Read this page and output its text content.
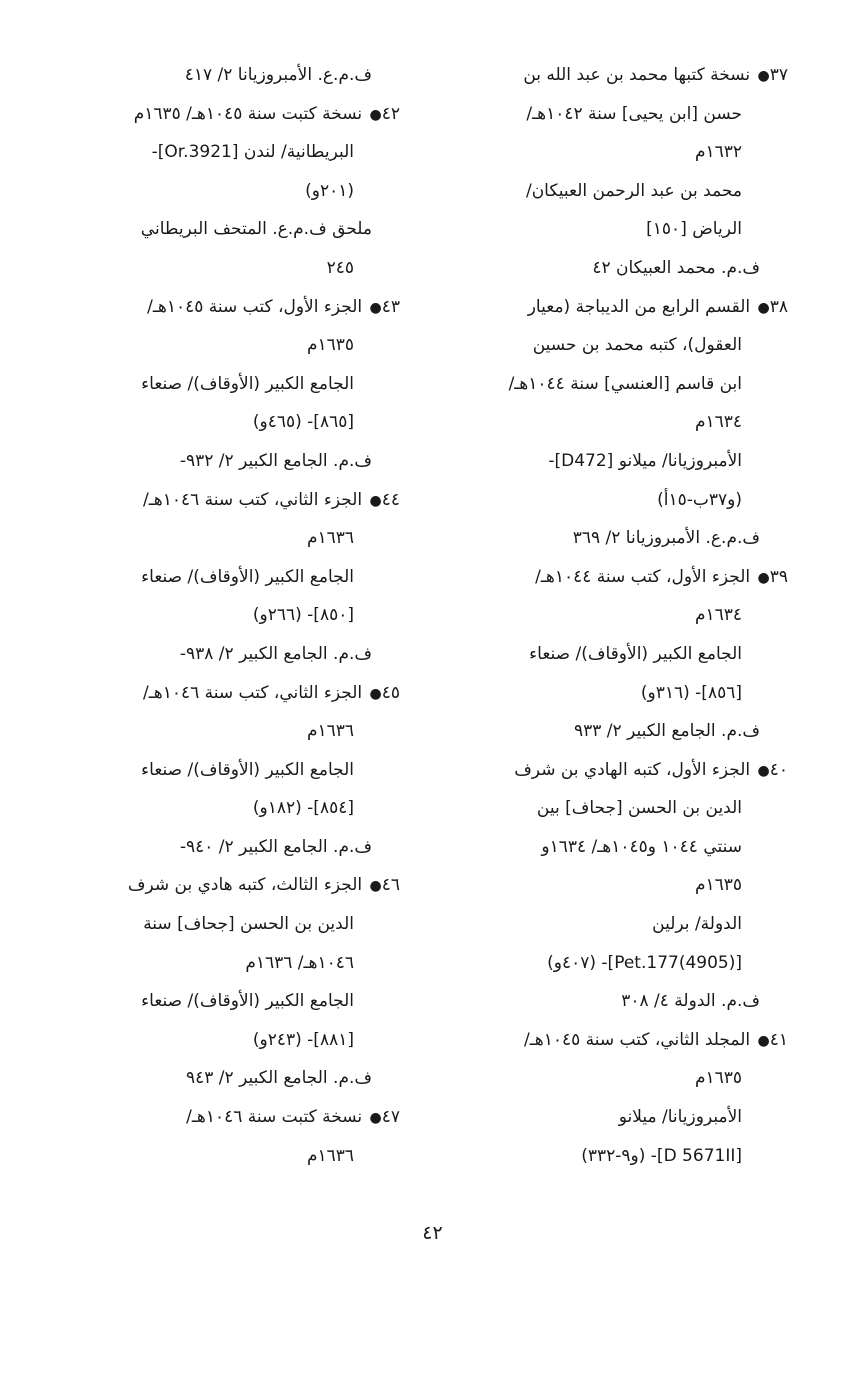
٣٧● نسخة كتبها محمد بن عبد الله بن
حسن [ابن يحيى] سنة ١٠٤٢هـ/
١٦٣٢م
محمد بن عبد الرحمن العبيكان/
الرياض [١٥٠]
ف.م. محمد العبيكان ٤٢
٣٨● القسم الرابع من الديباجة (معيار
العقول)، كتبه محمد بن حسين
ابن قاسم [العنسي] سنة ١٠٤٤هـ/
١٦٣٤م
الأمبروزيانا/ ميلانو [D472]-
(و٣٧ب-١٥أ)
ف.م.ع. الأمبروزيانا ٢/ ٣٦٩
٣٩● الجزء الأول، كتب سنة ١٠٤٤هـ/
١٦٣٤م
الجامع الكبير (الأوقاف)/ صنعاء
[٨٥٦]- (٣١٦و)
ف.م. الجامع الكبير ٢/ ٩٣٣
٤٠● الجزء الأول، كتبه الهادي بن شرف
الدين بن الحسن [جحاف] بين
سنتي ١٠٤٤ و١٠٤٥هـ/ ١٦٣٤و
١٦٣٥م
الدولة/ برلين
[Pet.177(4905)]- (٤٠٧و)
ف.م. الدولة ٤/ ٣٠٨
٤١● المجلد الثاني، كتب سنة ١٠٤٥هـ/
١٦٣٥م
الأمبروزيانا/ ميلانو
[D 5671II]- (و٩-٣٣٢)
ف.م.ع. الأمبروزيانا ٢/ ٤١٧
٤٢● نسخة كتبت سنة ١٠٤٥هـ/ ١٦٣٥م
البريطانية/ لندن [Or.3921]-
(٢٠١و)
ملحق ف.م.ع. المتحف البريطاني
٢٤٥
٤٣● الجزء الأول، كتب سنة ١٠٤٥هـ/
١٦٣٥م
الجامع الكبير (الأوقاف)/ صنعاء
[٨٦٥]- (٤٦٥و)
ف.م. الجامع الكبير ٢/ ٩٣٢-
٤٤● الجزء الثاني، كتب سنة ١٠٤٦هـ/
١٦٣٦م
الجامع الكبير (الأوقاف)/ صنعاء
[٨٥٠]- (٢٦٦و)
ف.م. الجامع الكبير ٢/ ٩٣٨-
٤٥● الجزء الثاني، كتب سنة ١٠٤٦هـ/
١٦٣٦م
الجامع الكبير (الأوقاف)/ صنعاء
[٨٥٤]- (١٨٢و)
ف.م. الجامع الكبير ٢/ ٩٤٠-
٤٦● الجزء الثالث، كتبه هادي بن شرف
الدين بن الحسن [جحاف] سنة
١٠٤٦هـ/ ١٦٣٦م
الجامع الكبير (الأوقاف)/ صنعاء
[٨٨١]- (٢٤٣و)
ف.م. الجامع الكبير ٢/ ٩٤٣
٤٧● نسخة كتبت سنة ١٠٤٦هـ/
١٦٣٦م
٤٢
